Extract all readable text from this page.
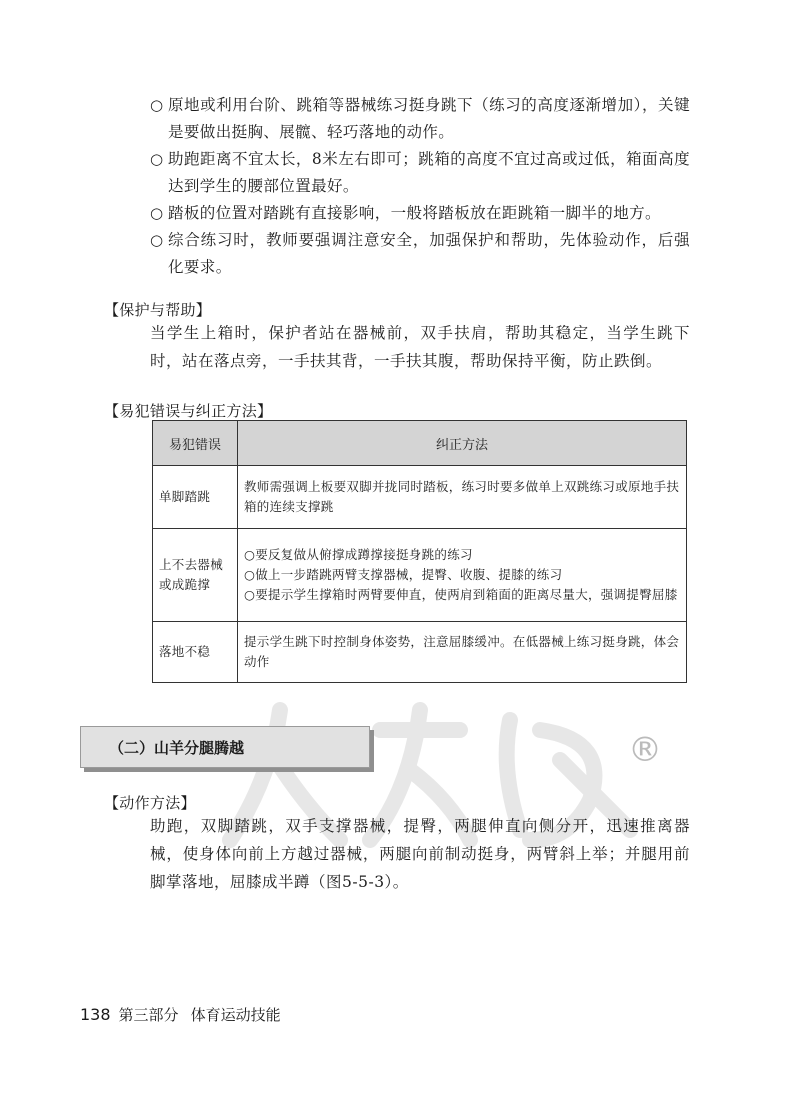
○ 原地或利用台阶、跳箱等器械练习挺身跳下（练习的高度逐渐增加），关键是要做出挺胸、展髋、轻巧落地的动作。
○ 助跑距离不宜太长，8米左右即可；跳箱的高度不宜过高或过低，箱面高度达到学生的腰部位置最好。
○ 踏板的位置对踏跳有直接影响，一般将踏板放在距跳箱一脚半的地方。
○ 综合练习时，教师要强调注意安全，加强保护和帮助，先体验动作，后强化要求。
【保护与帮助】
当学生上箱时，保护者站在器械前，双手扶肩，帮助其稳定，当学生跳下时，站在落点旁，一手扶其背，一手扶其腹，帮助保持平衡，防止跌倒。
【易犯错误与纠正方法】
易犯错误	纠正方法
单脚踏跳	教师需强调上板要双脚并拢同时踏板，练习时要多做单上双跳练习或原地手扶箱的连续支撑跳

上不去器械或成跪撑	○要反复做从俯撑成蹲撑接挺身跳的练习
○做上一步踏跳两臂支撑器械，提臀、收腹、提膝的练习
○要提示学生撑箱时两臂要伸直，使两肩到箱面的距离尽量大，强调提臀屈膝

落地不稳	提示学生跳下时控制身体姿势，注意屈膝缓冲。在低器械上练习挺身跳，体会动作
®
（二）山羊分腿腾越
【动作方法】
助跑，双脚踏跳，双手支撑器械，提臀，两腿伸直向侧分开，迅速推离器械，使身体向前上方越过器械，两腿向前制动挺身，两臂斜上举；并腿用前脚掌落地，屈膝成半蹲（图5-5-3）。
138 第三部分 体育运动技能
